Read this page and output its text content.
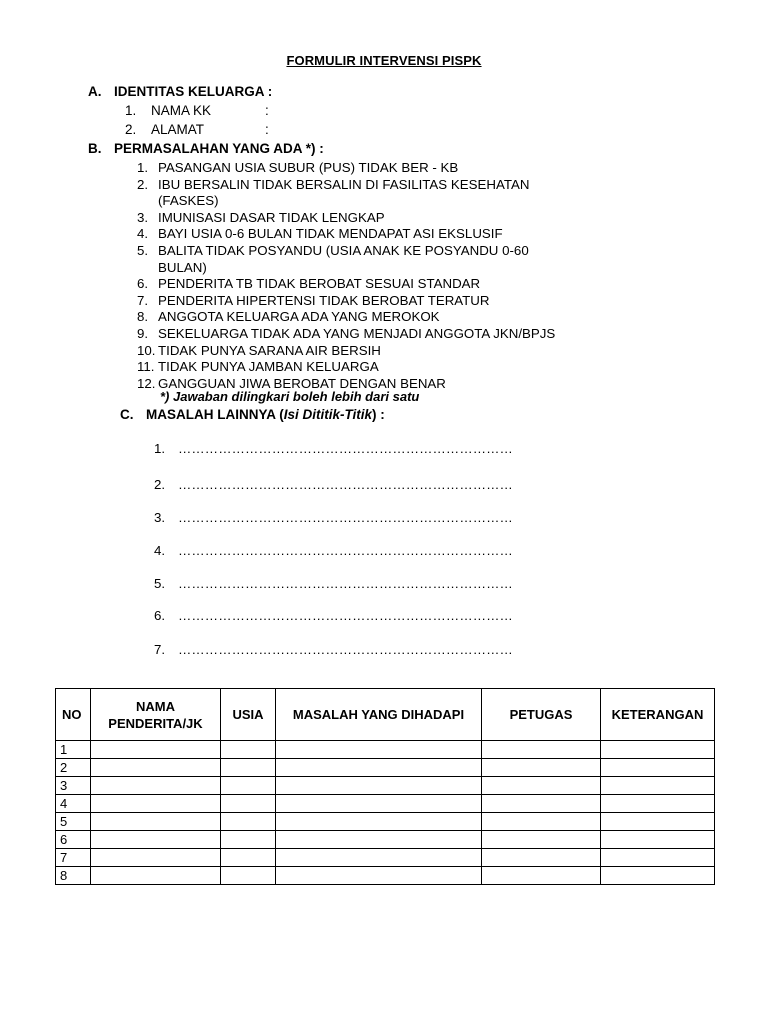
FORMULIR INTERVENSI PISPK
A. IDENTITAS KELUARGA :
1. NAMA KK	:
2. ALAMAT	:
B. PERMASALAHAN YANG ADA *) :
1. PASANGAN USIA SUBUR (PUS) TIDAK BER - KB
2. IBU BERSALIN TIDAK BERSALIN DI FASILITAS KESEHATAN (FASKES)
3. IMUNISASI DASAR TIDAK LENGKAP
4. BAYI USIA 0-6 BULAN TIDAK MENDAPAT ASI EKSLUSIF
5. BALITA TIDAK POSYANDU (USIA ANAK KE POSYANDU 0-60 BULAN)
6. PENDERITA TB TIDAK BEROBAT SESUAI STANDAR
7. PENDERITA HIPERTENSI TIDAK BEROBAT TERATUR
8. ANGGOTA KELUARGA ADA YANG MEROKOK
9. SEKELUARGA TIDAK ADA YANG MENJADI ANGGOTA JKN/BPJS
10. TIDAK PUNYA SARANA AIR BERSIH
11. TIDAK PUNYA JAMBAN KELUARGA
12. GANGGUAN JIWA BEROBAT DENGAN BENAR
*) Jawaban dilingkari boleh lebih dari satu
C. MASALAH LAINNYA (Isi Dititik-Titik) :
1. …………………………………………………………………
2. …………………………………………………………………
3. …………………………………………………………………
4. …………………………………………………………………
5. …………………………………………………………………
6. …………………………………………………………………
7. …………………………………………………………………
NO	NAMA PENDERITA/JK	USIA	MASALAH YANG DIHADAPI	PETUGAS	KETERANGAN
1					
2					
3					
4					
5					
6					
7					
8					
